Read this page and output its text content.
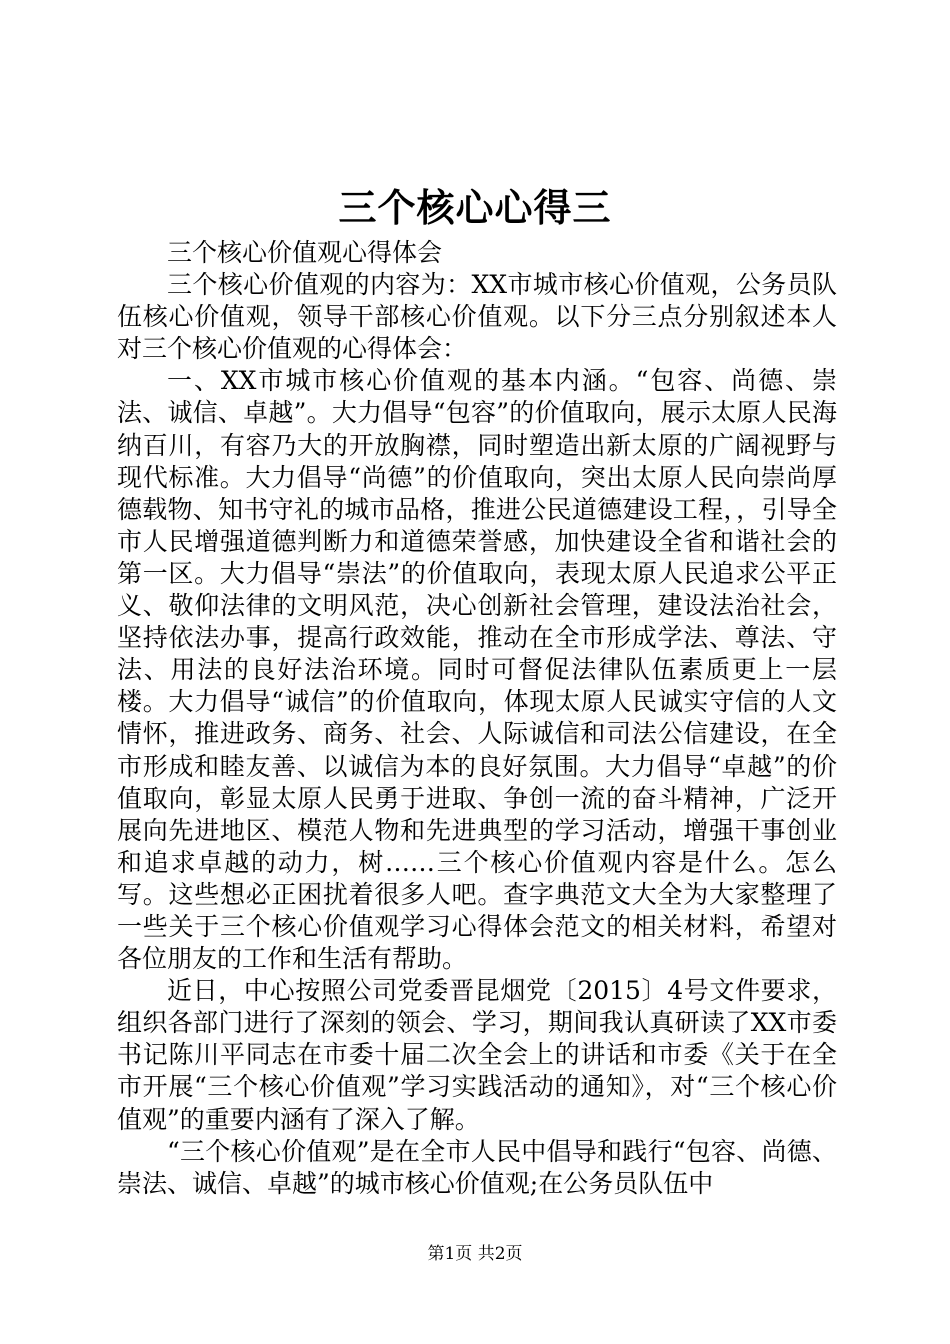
三个核心心得三

三个核心价值观心得体会

三个核心价值观的内容为：XX市城市核心价值观，公务员队伍核心价值观，领导干部核心价值观。以下分三点分别叙述本人对三个核心价值观的心得体会：

一、XX市城市核心价值观的基本内涵。“包容、尚德、崇法、诚信、卓越”。大力倡导“包容”的价值取向，展示太原人民海纳百川，有容乃大的开放胸襟，同时塑造出新太原的广阔视野与现代标准。大力倡导“尚德”的价值取向，突出太原人民向崇尚厚德载物、知书守礼的城市品格，推进公民道德建设工程，，引导全市人民增强道德判断力和道德荣誉感，加快建设全省和谐社会的第一区。大力倡导“崇法”的价值取向，表现太原人民追求公平正义、敬仰法律的文明风范，决心创新社会管理，建设法治社会，坚持依法办事，提高行政效能，推动在全市形成学法、尊法、守法、用法的良好法治环境。同时可督促法律队伍素质更上一层楼。大力倡导“诚信”的价值取向，体现太原人民诚实守信的人文情怀，推进政务、商务、社会、人际诚信和司法公信建设，在全市形成和睦友善、以诚信为本的良好氛围。大力倡导“卓越”的价值取向，彰显太原人民勇于进取、争创一流的奋斗精神，广泛开展向先进地区、模范人物和先进典型的学习活动，增强干事创业和追求卓越的动力，树……三个核心价值观内容是什么。怎么写。这些想必正困扰着很多人吧。查字典范文大全为大家整理了一些关于三个核心价值观学习心得体会范文的相关材料，希望对各位朋友的工作和生活有帮助。

近日，中心按照公司党委晋昆烟党〔2015〕4号文件要求，组织各部门进行了深刻的领会、学习，期间我认真研读了XX市委书记陈川平同志在市委十届二次全会上的讲话和市委《关于在全市开展“三个核心价值观”学习实践活动的通知》，对“三个核心价值观”的重要内涵有了深入了解。

“三个核心价值观”是在全市人民中倡导和践行“包容、尚德、崇法、诚信、卓越”的城市核心价值观;在公务员队伍中

第1页 共2页
